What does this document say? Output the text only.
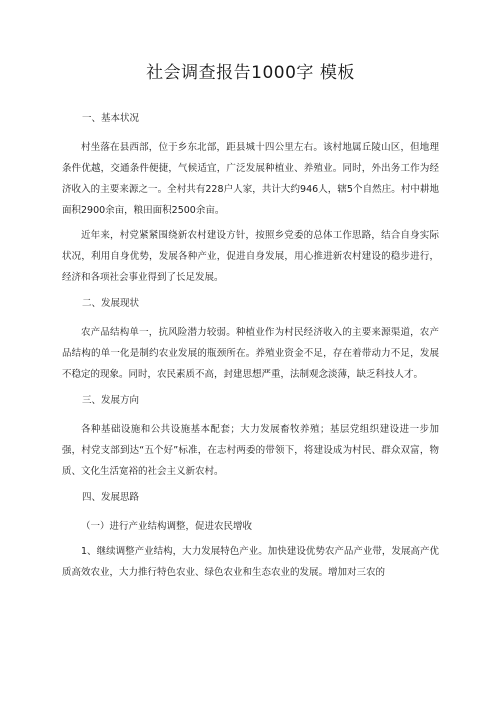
社会调查报告1000字 模板
一、基本状况

村坐落在县西部，位于乡东北部，距县城十四公里左右。该村地属丘陵山区，但地理条件优越，交通条件便捷，气候适宜，广泛发展种植业、养殖业。同时，外出务工作为经济收入的主要来源之一。全村共有228户人家，共计大约946人，辖5个自然庄。村中耕地面积2900余亩，粮田面积2500余亩。

近年来，村党紧紧围绕新农村建设方针，按照乡党委的总体工作思路，结合自身实际状况，利用自身优势，发展各种产业，促进自身发展，用心推进新农村建设的稳步进行，经济和各项社会事业得到了长足发展。

二、发展现状

农产品结构单一，抗风险潜力较弱。种植业作为村民经济收入的主要来源渠道，农产品结构的单一化是制约农业发展的瓶颈所在。养殖业资金不足，存在着带动力不足，发展不稳定的现象。同时，农民素质不高，封建思想严重，法制观念淡薄，缺乏科技人才。

三、发展方向

各种基础设施和公共设施基本配套；大力发展畜牧养殖；基层党组织建设进一步加强，村党支部到达“五个好”标准，在志村两委的带领下，将建设成为村民、群众双富，物质、文化生活宽裕的社会主义新农村。

四、发展思路

（一）进行产业结构调整，促进农民增收

1、继续调整产业结构，大力发展特色产业。加快建设优势农产品产业带，发展高产优质高效农业，大力推行特色农业、绿色农业和生态农业的发展。增加对三农的
